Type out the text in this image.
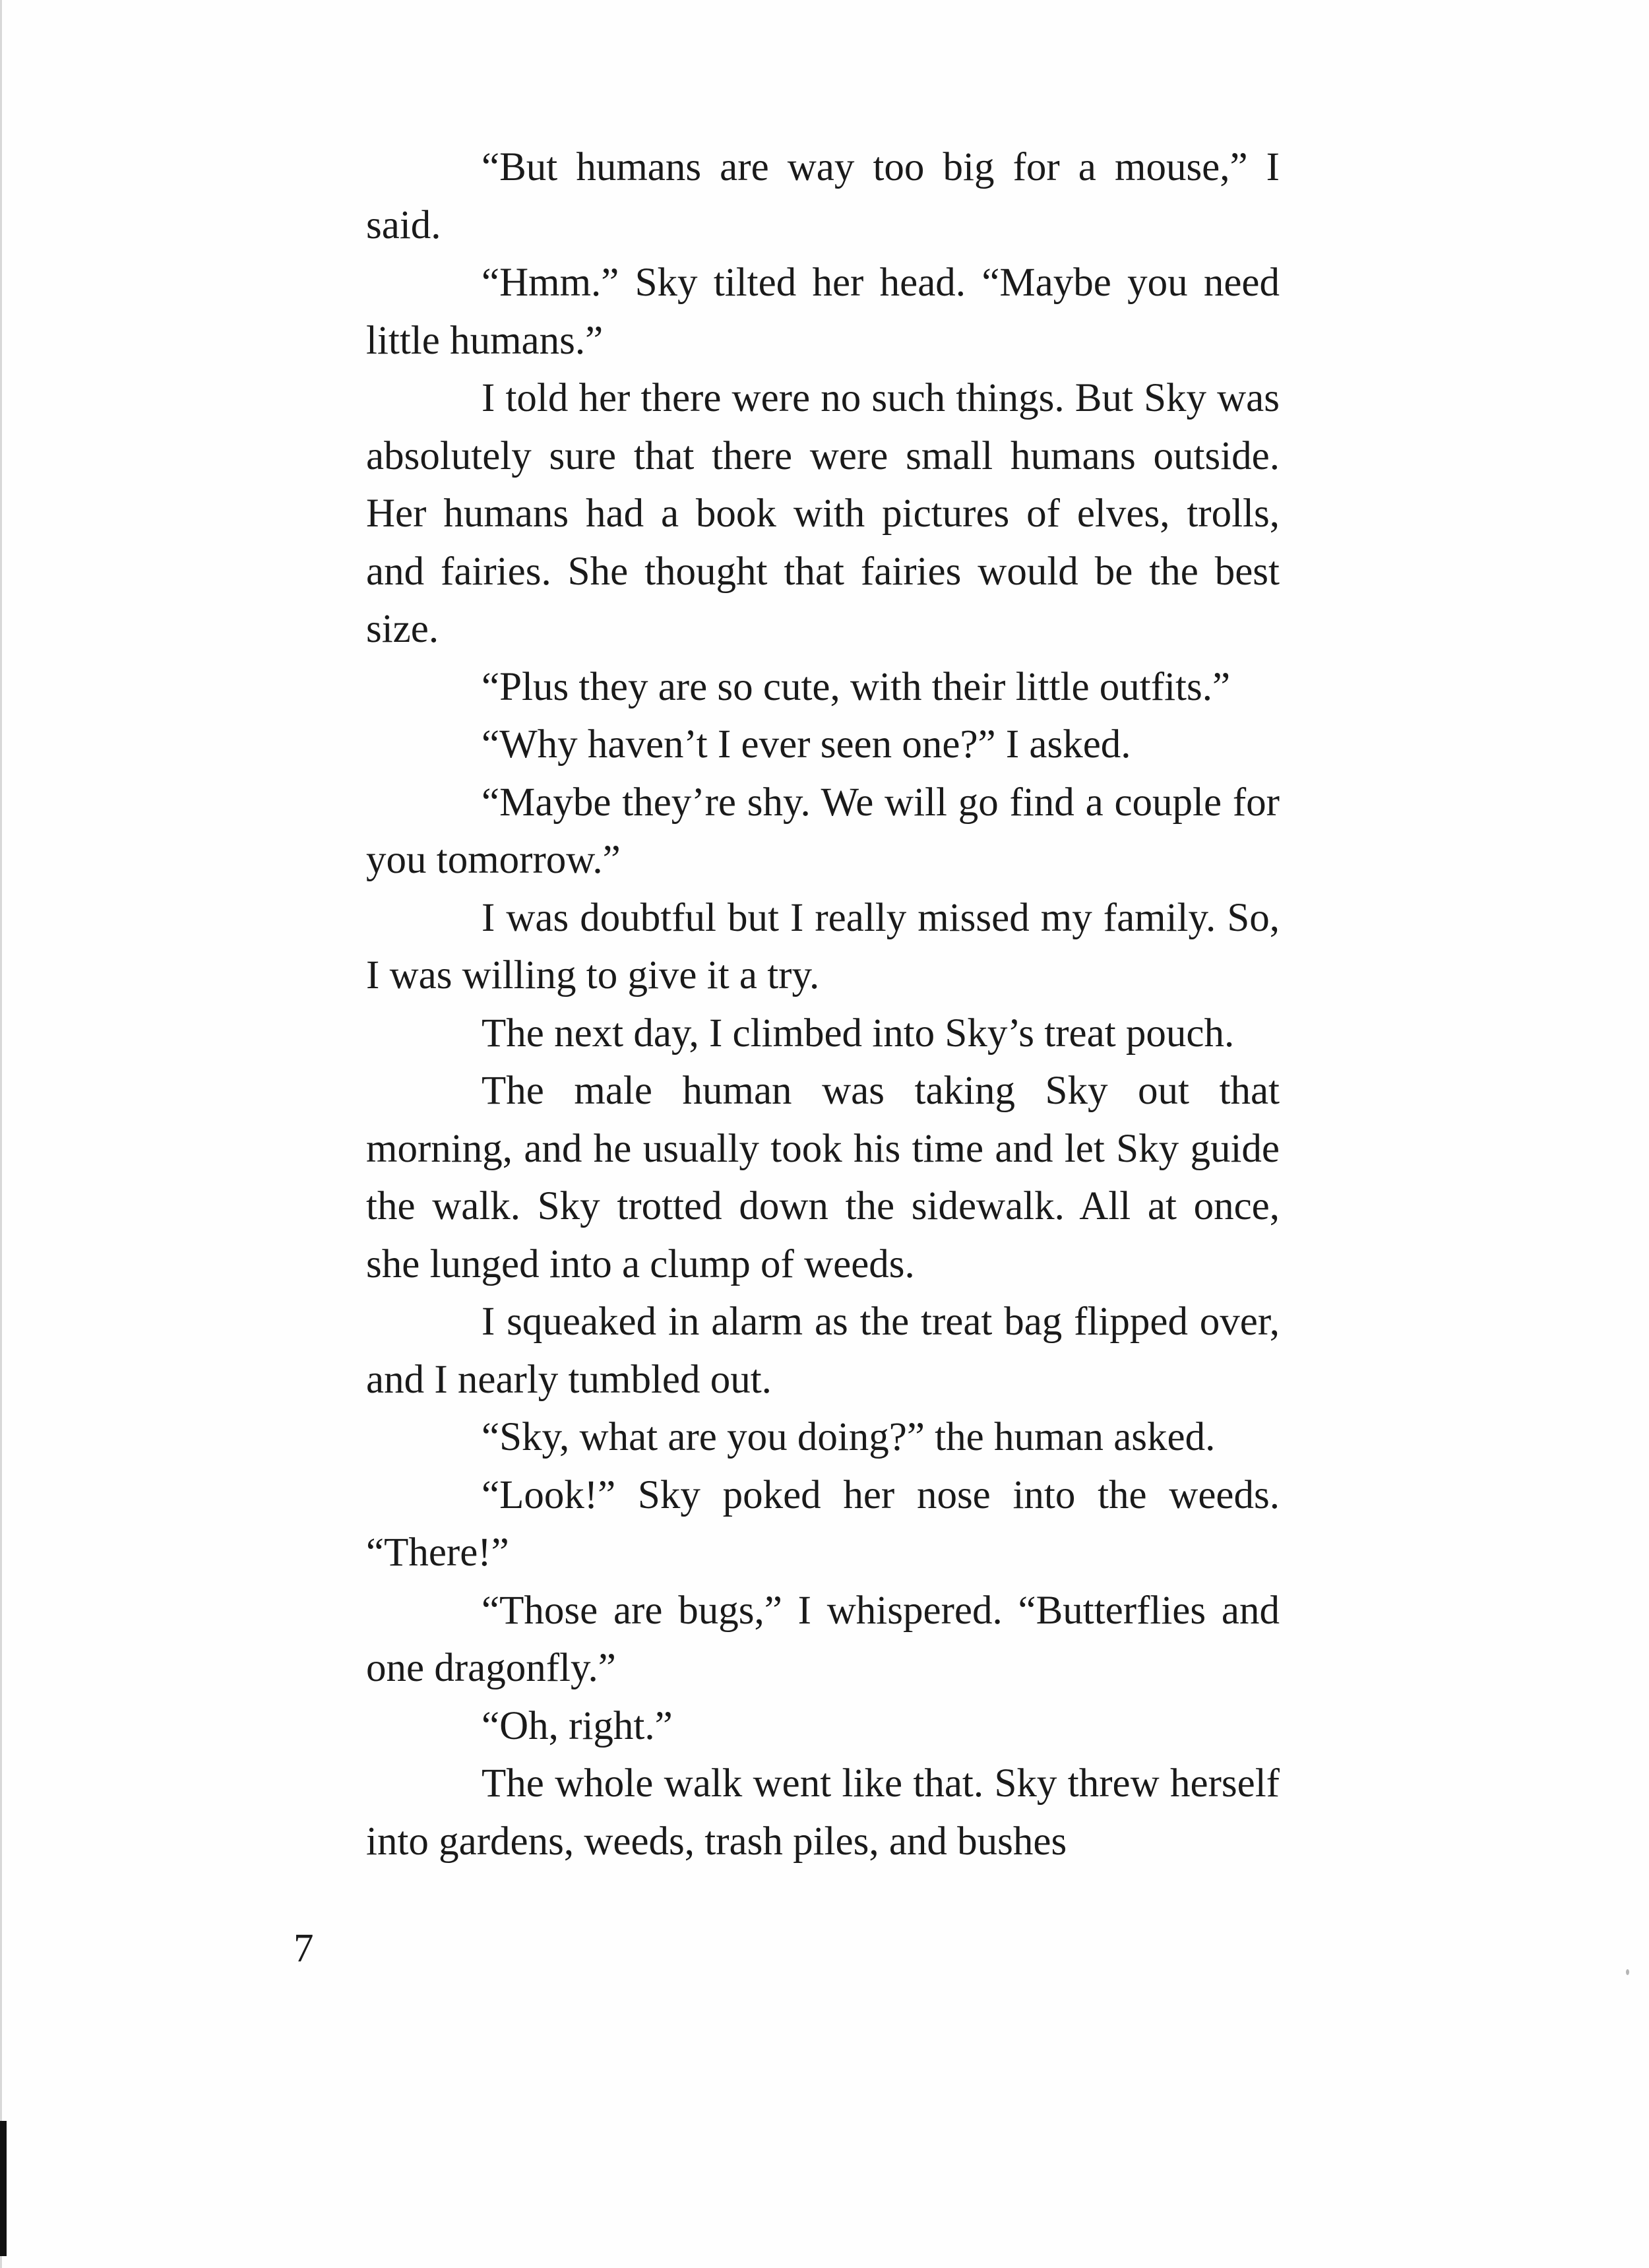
“But humans are way too big for a mouse,” I said.

“Hmm.” Sky tilted her head. “Maybe you need little humans.”

I told her there were no such things. But Sky was absolutely sure that there were small humans outside. Her humans had a book with pictures of elves, trolls, and fairies. She thought that fairies would be the best size.

“Plus they are so cute, with their little outfits.”

“Why haven’t I ever seen one?” I asked.

“Maybe they’re shy. We will go find a couple for you tomorrow.”

I was doubtful but I really missed my family. So, I was willing to give it a try.

The next day, I climbed into Sky’s treat pouch.

The male human was taking Sky out that morning, and he usually took his time and let Sky guide the walk. Sky trotted down the sidewalk. All at once, she lunged into a clump of weeds.

I squeaked in alarm as the treat bag flipped over, and I nearly tumbled out.

“Sky, what are you doing?” the human asked.

“Look!” Sky poked her nose into the weeds. “There!”

“Those are bugs,” I whispered. “Butterflies and one dragonfly.”

“Oh, right.”

The whole walk went like that. Sky threw herself into gardens, weeds, trash piles, and bushes

7
